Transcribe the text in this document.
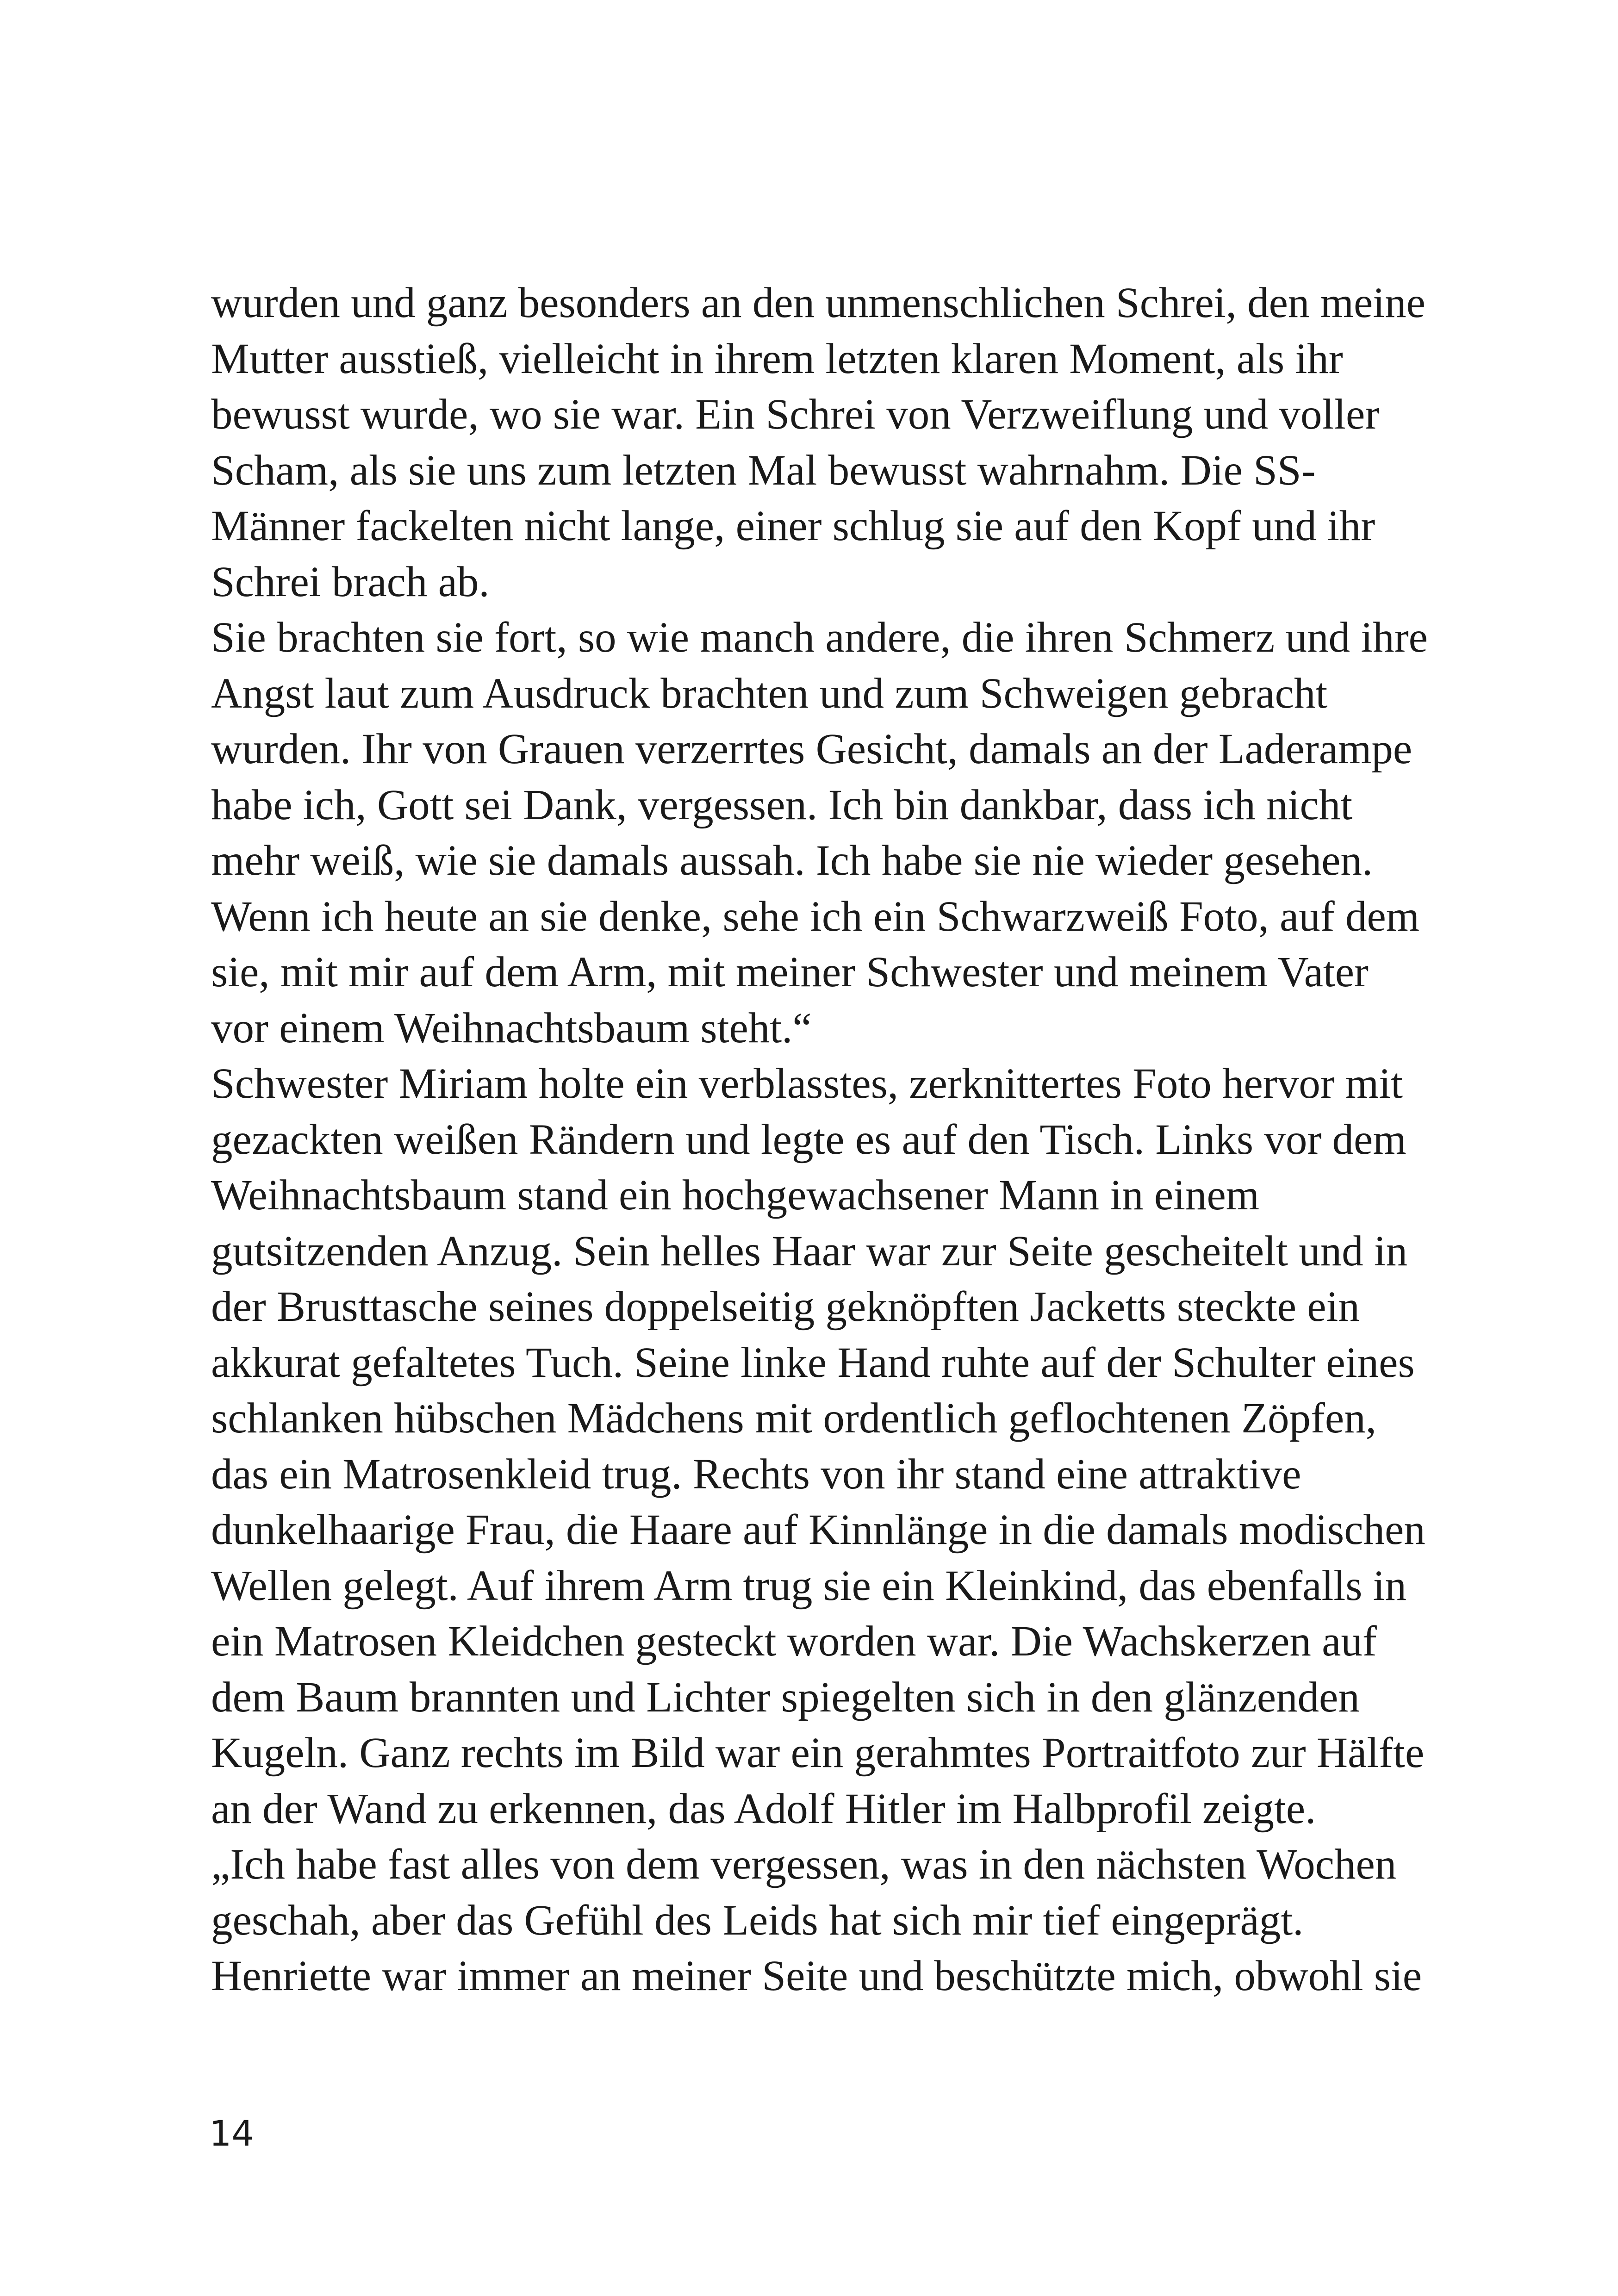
wurden und ganz besonders an den unmenschlichen Schrei, den meine
Mutter ausstieß, vielleicht in ihrem letzten klaren Moment, als ihr
bewusst wurde, wo sie war. Ein Schrei von Verzweiflung und voller
Scham, als sie uns zum letzten Mal bewusst wahrnahm. Die SS-
Männer fackelten nicht lange, einer schlug sie auf den Kopf und ihr
Schrei brach ab.
Sie brachten sie fort, so wie manch andere, die ihren Schmerz und ihre
Angst laut zum Ausdruck brachten und zum Schweigen gebracht
wurden. Ihr von Grauen verzerrtes Gesicht, damals an der Laderampe
habe ich, Gott sei Dank, vergessen. Ich bin dankbar, dass ich nicht
mehr weiß, wie sie damals aussah. Ich habe sie nie wieder gesehen.
Wenn ich heute an sie denke, sehe ich ein Schwarzweiß Foto, auf dem
sie, mit mir auf dem Arm, mit meiner Schwester und meinem Vater
vor einem Weihnachtsbaum steht.“
Schwester Miriam holte ein verblasstes, zerknittertes Foto hervor mit
gezackten weißen Rändern und legte es auf den Tisch. Links vor dem
Weihnachtsbaum stand ein hochgewachsener Mann in einem
gutsitzenden Anzug. Sein helles Haar war zur Seite gescheitelt und in
der Brusttasche seines doppelseitig geknöpften Jacketts steckte ein
akkurat gefaltetes Tuch. Seine linke Hand ruhte auf der Schulter eines
schlanken hübschen Mädchens mit ordentlich geflochtenen Zöpfen,
das ein Matrosenkleid trug. Rechts von ihr stand eine attraktive
dunkelhaarige Frau, die Haare auf Kinnlänge in die damals modischen
Wellen gelegt. Auf ihrem Arm trug sie ein Kleinkind, das ebenfalls in
ein Matrosen Kleidchen gesteckt worden war. Die Wachskerzen auf
dem Baum brannten und Lichter spiegelten sich in den glänzenden
Kugeln. Ganz rechts im Bild war ein gerahmtes Portraitfoto zur Hälfte
an der Wand zu erkennen, das Adolf Hitler im Halbprofil zeigte.
„Ich habe fast alles von dem vergessen, was in den nächsten Wochen
geschah, aber das Gefühl des Leids hat sich mir tief eingeprägt.
Henriette war immer an meiner Seite und beschützte mich, obwohl sie
14
